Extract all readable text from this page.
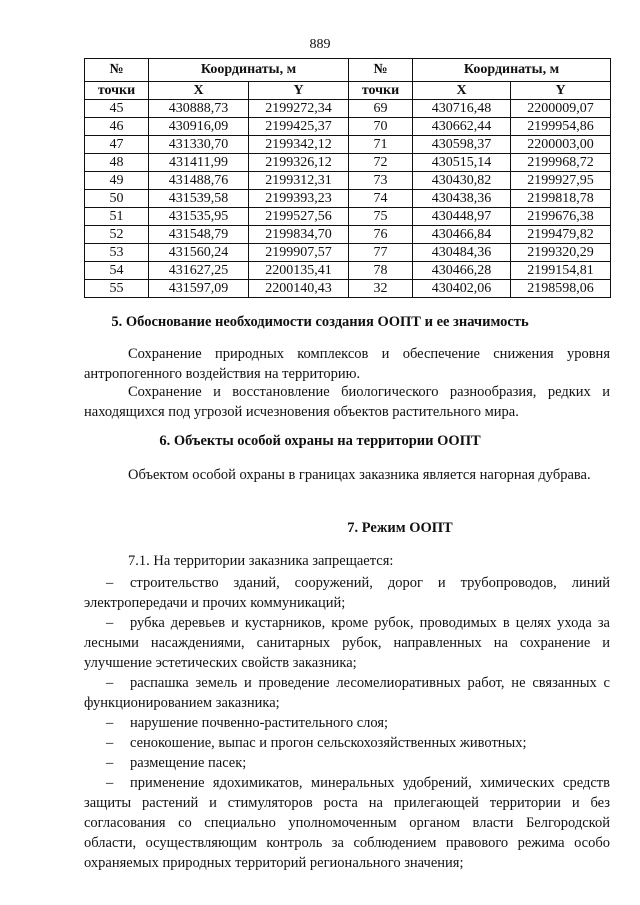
889
№	Координаты, м		№	Координаты, м	
точки	X	Y	точки	X	Y
45	430888,73	2199272,34	69	430716,48	2200009,07
46	430916,09	2199425,37	70	430662,44	2199954,86
47	431330,70	2199342,12	71	430598,37	2200003,00
48	431411,99	2199326,12	72	430515,14	2199968,72
49	431488,76	2199312,31	73	430430,82	2199927,95
50	431539,58	2199393,23	74	430438,36	2199818,78
51	431535,95	2199527,56	75	430448,97	2199676,38
52	431548,79	2199834,70	76	430466,84	2199479,82
53	431560,24	2199907,57	77	430484,36	2199320,29
54	431627,25	2200135,41	78	430466,28	2199154,81
55	431597,09	2200140,43	32	430402,06	2198598,06
5. Обоснование необходимости создания ООПТ и ее значимость

Сохранение природных комплексов и обеспечение снижения уровня антропогенного воздействия на территорию.

Сохранение и восстановление биологического разнообразия, редких и находящихся под угрозой исчезновения объектов растительного мира.

6. Объекты особой охраны на территории ООПТ

Объектом особой охраны в границах заказника является нагорная дубрава.

7. Режим ООПТ

7.1. На территории заказника запрещается:

– строительство зданий, сооружений, дорог и трубопроводов, линий электропередачи и прочих коммуникаций;

– рубка деревьев и кустарников, кроме рубок, проводимых в целях ухода за лесными насаждениями, санитарных рубок, направленных на сохранение и улучшение эстетических свойств заказника;

– распашка земель и проведение лесомелиоративных работ, не связанных с функционированием заказника;

– нарушение почвенно-растительного слоя;

– сенокошение, выпас и прогон сельскохозяйственных животных;

– размещение пасек;

– применение ядохимикатов, минеральных удобрений, химических средств защиты растений и стимуляторов роста на прилегающей территории и без согласования со специально уполномоченным органом власти Белгородской области, осуществляющим контроль за соблюдением правового режима особо охраняемых природных территорий регионального значения;
